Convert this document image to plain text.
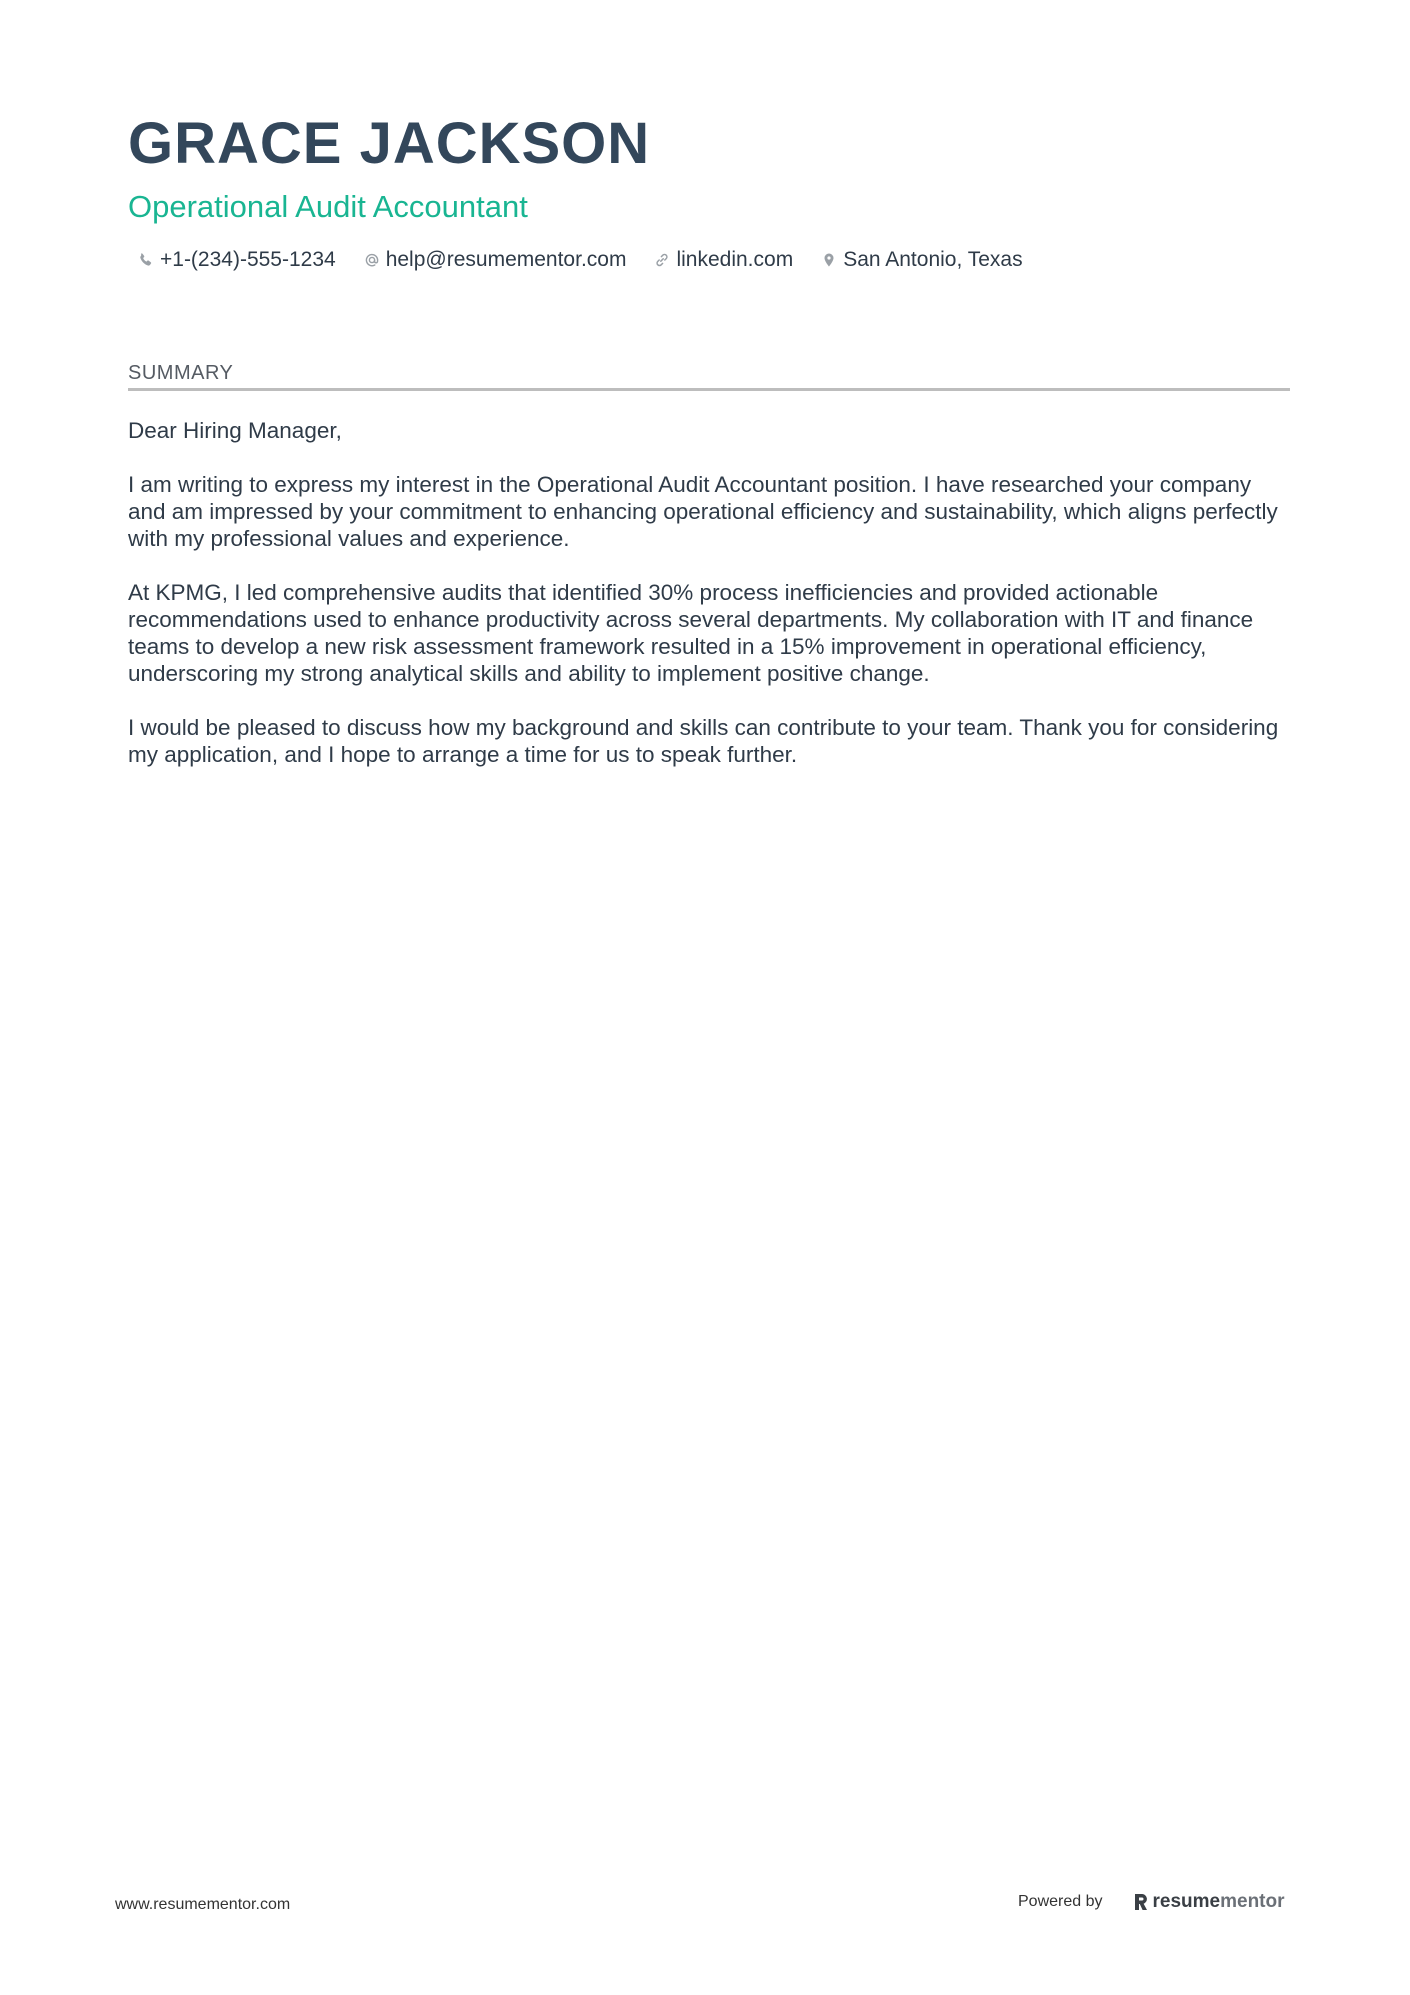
GRACE JACKSON
Operational Audit Accountant
+1-(234)-555-1234 help@resumementor.com linkedin.com San Antonio, Texas
SUMMARY

Dear Hiring Manager,

I am writing to express my interest in the Operational Audit Accountant position. I have researched your company and am impressed by your commitment to enhancing operational efficiency and sustainability, which aligns perfectly with my professional values and experience.

At KPMG, I led comprehensive audits that identified 30% process inefficiencies and provided actionable recommendations used to enhance productivity across several departments. My collaboration with IT and finance teams to develop a new risk assessment framework resulted in a 15% improvement in operational efficiency, underscoring my strong analytical skills and ability to implement positive change.

I would be pleased to discuss how my background and skills can contribute to your team. Thank you for considering my application, and I hope to arrange a time for us to speak further.

www.resumementor.com	Powered by	resume mentor
